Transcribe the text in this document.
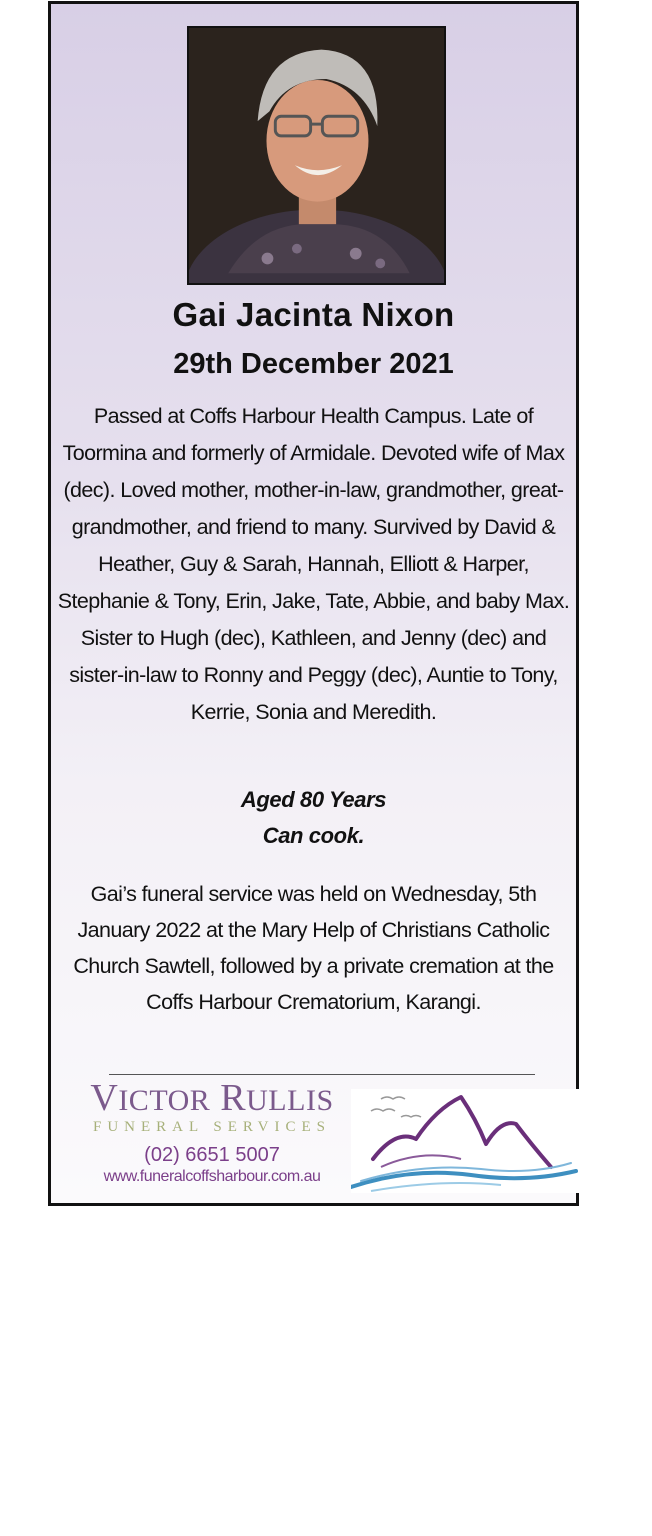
Gai Jacinta Nixon
29th December 2021

Passed at Coffs Harbour Health Campus. Late of Toormina and formerly of Armidale. Devoted wife of Max (dec). Loved mother, mother-in-law, grandmother, great-grandmother, and friend to many. Survived by David & Heather, Guy & Sarah, Hannah, Elliott & Harper, Stephanie & Tony, Erin, Jake, Tate, Abbie, and baby Max. Sister to Hugh (dec), Kathleen, and Jenny (dec) and sister-in-law to Ronny and Peggy (dec), Auntie to Tony, Kerrie, Sonia and Meredith.

Aged 80 Years
Can cook.

Gai’s funeral service was held on Wednesday, 5th January 2022 at the Mary Help of Christians Catholic Church Sawtell, followed by a private cremation at the Coffs Harbour Crematorium, Karangi.

VICTOR RULLIS
FUNERAL SERVICES
(02) 6651 5007
www.funeralcoffsharbour.com.au
